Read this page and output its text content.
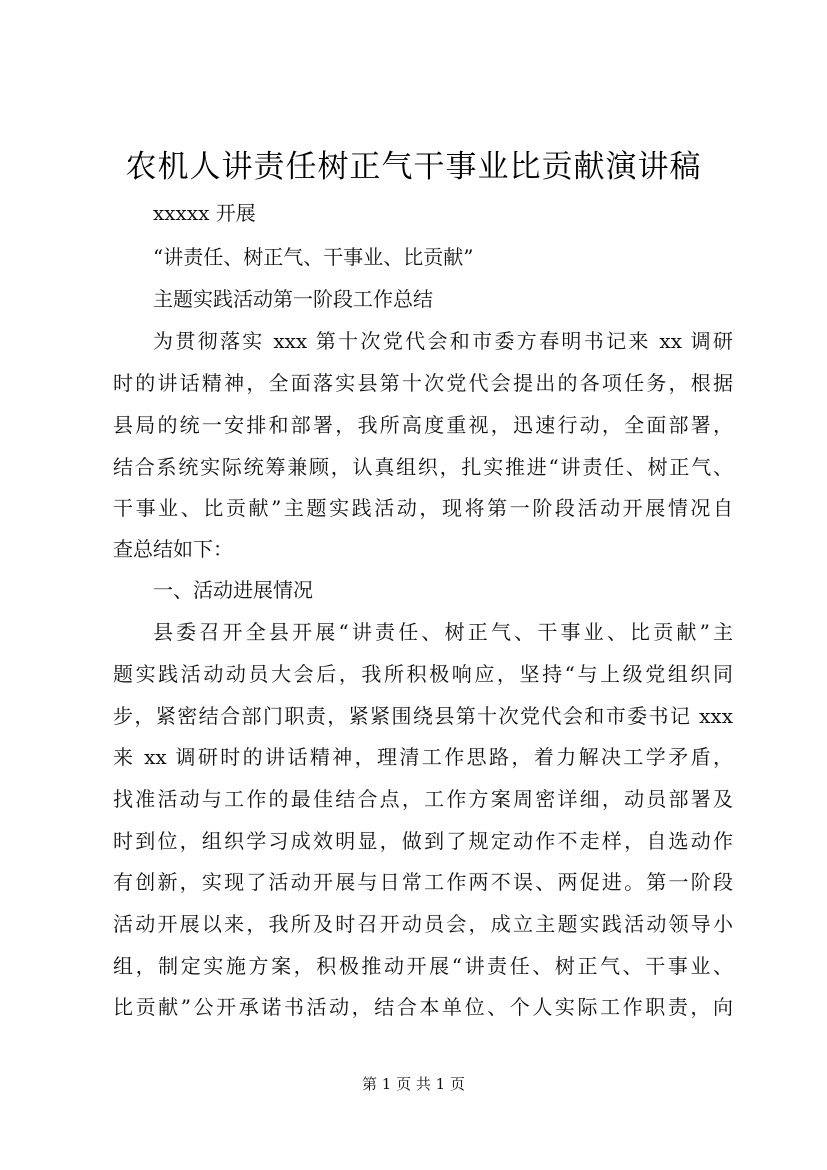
农机人讲责任树正气干事业比贡献演讲稿
xxxxx 开展
“讲责任、树正气、干事业、比贡献”
主题实践活动第一阶段工作总结
为贯彻落实 xxx 第十次党代会和市委方春明书记来 xx 调研
时的讲话精神，全面落实县第十次党代会提出的各项任务，根据
县局的统一安排和部署，我所高度重视，迅速行动，全面部署，
结合系统实际统筹兼顾，认真组织，扎实推进“讲责任、树正气、
干事业、比贡献”主题实践活动，现将第一阶段活动开展情况自
查总结如下：
一、活动进展情况
县委召开全县开展“讲责任、树正气、干事业、比贡献”主
题实践活动动员大会后，我所积极响应，坚持“与上级党组织同
步，紧密结合部门职责，紧紧围绕县第十次党代会和市委书记 xxx
来 xx 调研时的讲话精神，理清工作思路，着力解决工学矛盾，
找准活动与工作的最佳结合点，工作方案周密详细，动员部署及
时到位，组织学习成效明显，做到了规定动作不走样，自选动作
有创新，实现了活动开展与日常工作两不误、两促进。第一阶段
活动开展以来，我所及时召开动员会，成立主题实践活动领导小
组，制定实施方案，积极推动开展“讲责任、树正气、干事业、
比贡献”公开承诺书活动，结合本单位、个人实际工作职责，向
第 1 页 共 1 页
